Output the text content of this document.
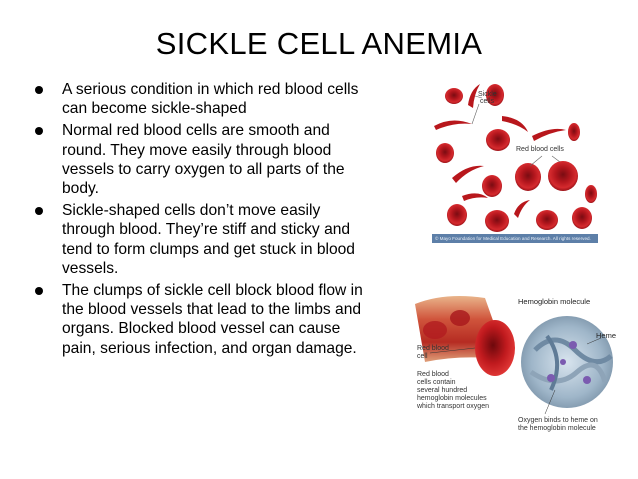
SICKLE CELL ANEMIA
A serious condition in which red blood cells can become sickle-shaped
Normal red blood cells are smooth and round. They move easily through blood vessels to carry oxygen to all parts of the body.
Sickle-shaped cells don’t move easily through blood. They’re stiff and sticky and tend to form clumps and get stuck in blood vessels.
The clumps of sickle cell block blood flow in the blood vessels that lead to the limbs and organs. Blocked blood vessel can cause pain, serious infection, and organ damage.
Sickle
cells
Red blood cells
© Mayo Foundation for Medical Education and Research. All rights reserved.
Hemoglobin molecule
Heme
Red blood
cell
Red blood
cells contain
several hundred
hemoglobin molecules
which transport oxygen
Oxygen binds to heme on
the hemoglobin molecule
